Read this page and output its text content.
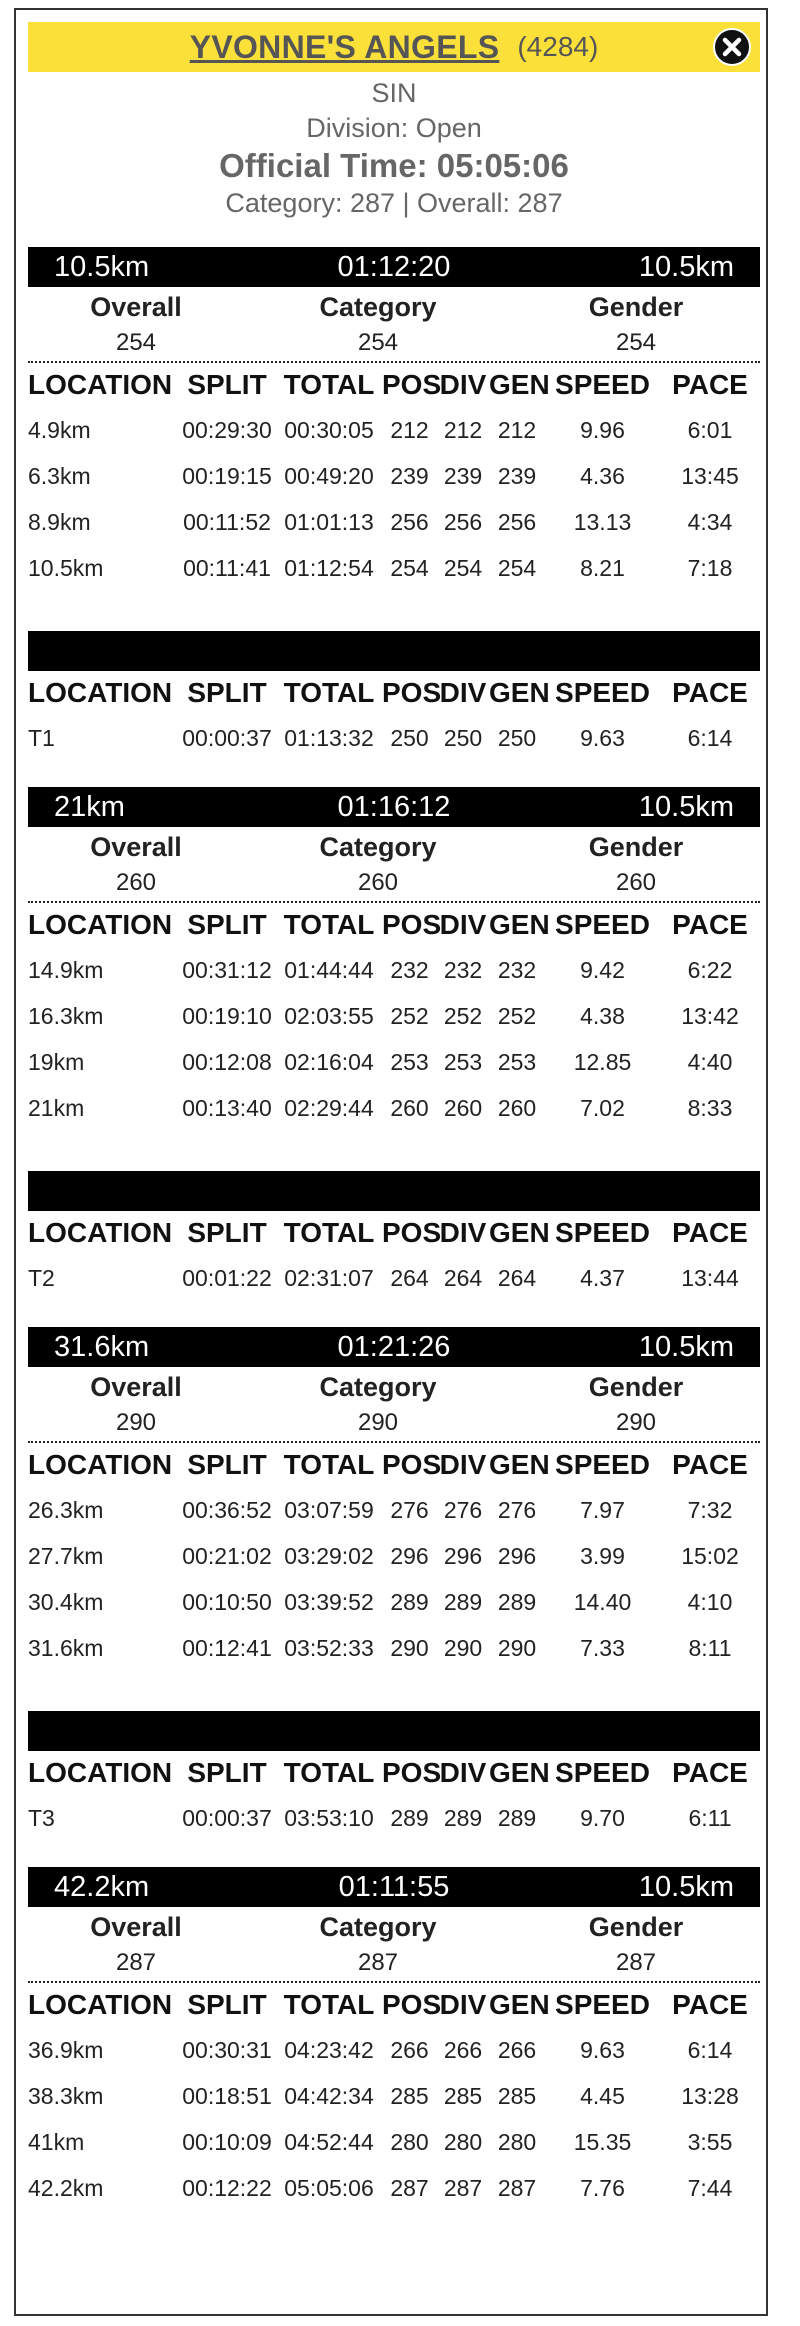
YVONNE'S ANGELS (4284)
SIN
Division: Open
Official Time: 05:05:06
Category: 287 | Overall: 287
10.5km	01:12:20	10.5km
Overall
254
Category
254
Gender
254
LOCATION	SPLIT	TOTAL	POS	DIV	GEN	SPEED	PACE
4.9km	00:29:30	00:30:05	212	212	212	9.96	6:01
6.3km	00:19:15	00:49:20	239	239	239	4.36	13:45
8.9km	00:11:52	01:01:13	256	256	256	13.13	4:34
10.5km	00:11:41	01:12:54	254	254	254	8.21	7:18
LOCATION	SPLIT	TOTAL	POS	DIV	GEN	SPEED	PACE
T1	00:00:37	01:13:32	250	250	250	9.63	6:14
21km	01:16:12	10.5km
Overall
260
Category
260
Gender
260
LOCATION	SPLIT	TOTAL	POS	DIV	GEN	SPEED	PACE
14.9km	00:31:12	01:44:44	232	232	232	9.42	6:22
16.3km	00:19:10	02:03:55	252	252	252	4.38	13:42
19km	00:12:08	02:16:04	253	253	253	12.85	4:40
21km	00:13:40	02:29:44	260	260	260	7.02	8:33
LOCATION	SPLIT	TOTAL	POS	DIV	GEN	SPEED	PACE
T2	00:01:22	02:31:07	264	264	264	4.37	13:44
31.6km	01:21:26	10.5km
Overall
290
Category
290
Gender
290
LOCATION	SPLIT	TOTAL	POS	DIV	GEN	SPEED	PACE
26.3km	00:36:52	03:07:59	276	276	276	7.97	7:32
27.7km	00:21:02	03:29:02	296	296	296	3.99	15:02
30.4km	00:10:50	03:39:52	289	289	289	14.40	4:10
31.6km	00:12:41	03:52:33	290	290	290	7.33	8:11
LOCATION	SPLIT	TOTAL	POS	DIV	GEN	SPEED	PACE
T3	00:00:37	03:53:10	289	289	289	9.70	6:11
42.2km	01:11:55	10.5km
Overall
287
Category
287
Gender
287
LOCATION	SPLIT	TOTAL	POS	DIV	GEN	SPEED	PACE
36.9km	00:30:31	04:23:42	266	266	266	9.63	6:14
38.3km	00:18:51	04:42:34	285	285	285	4.45	13:28
41km	00:10:09	04:52:44	280	280	280	15.35	3:55
42.2km	00:12:22	05:05:06	287	287	287	7.76	7:44
